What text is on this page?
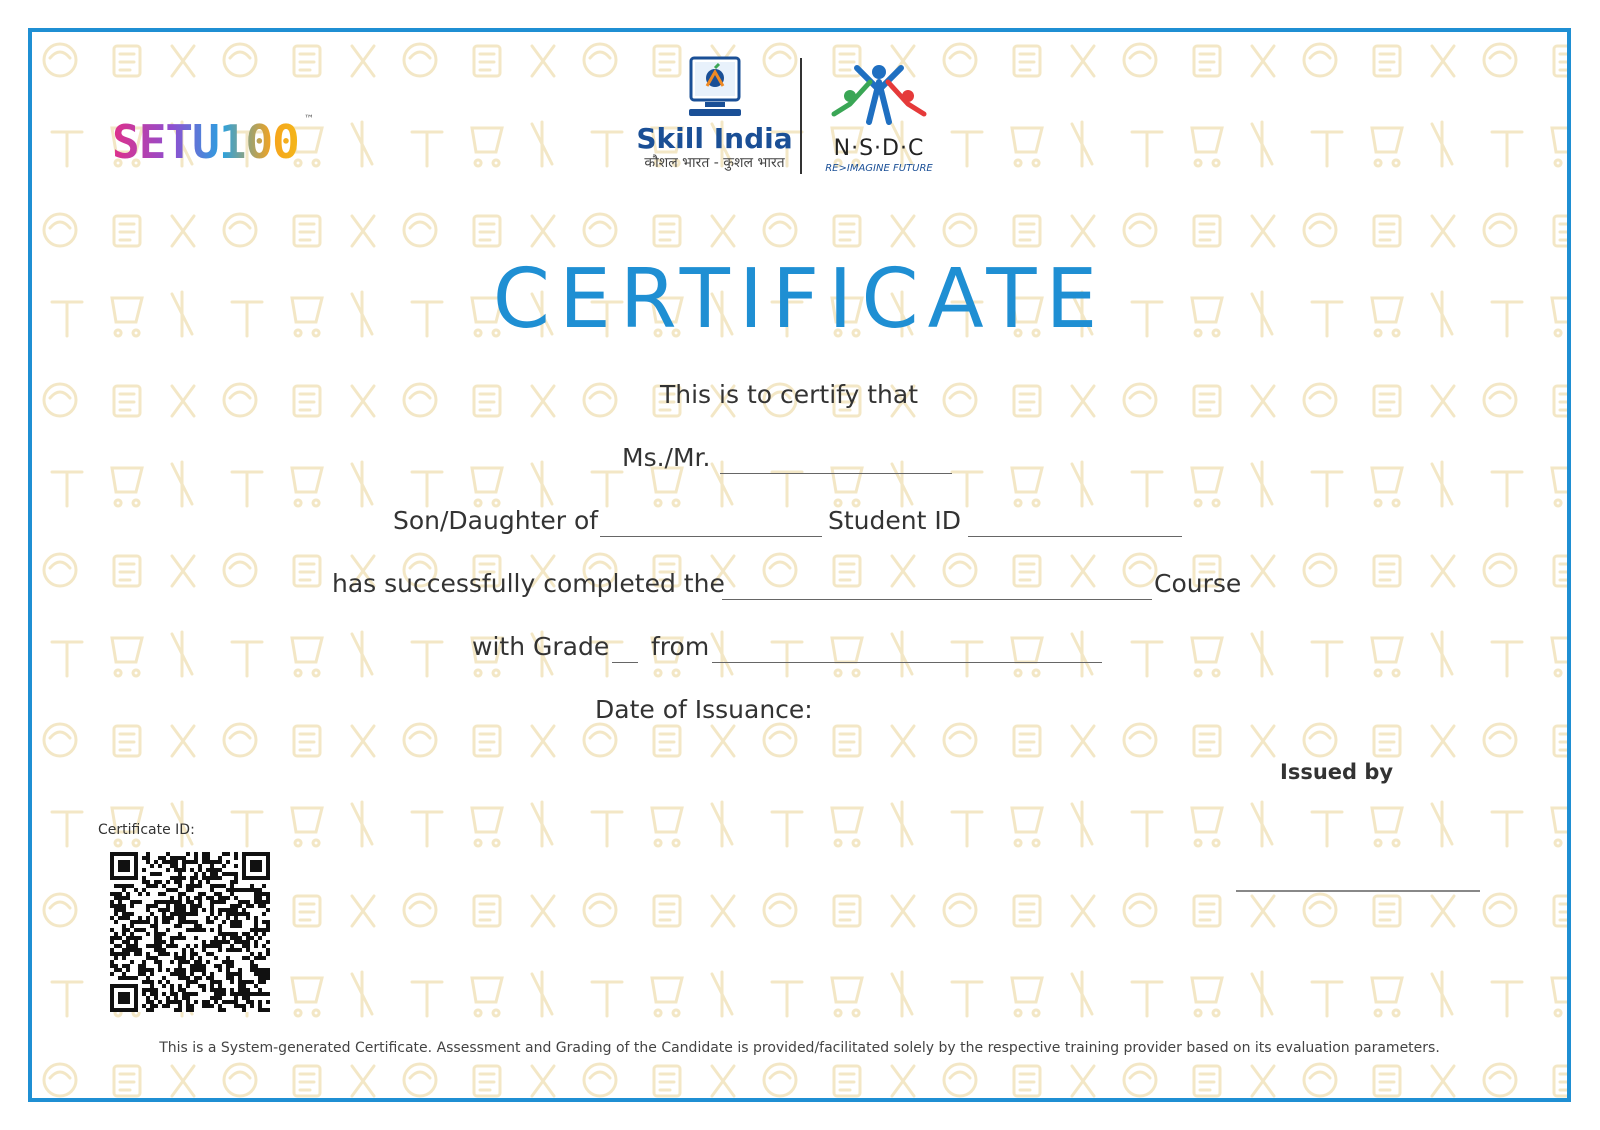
SETU100 ™
Skill India
कौशल भारत - कुशल भारत
N·S·D·C
RE>IMAGINE FUTURE
CERTIFICATE
This is to certify that
Ms./Mr.
Son/Daughter of	Student ID
has successfully completed the	Course
with Grade from
Date of Issuance:
Issued by
Certificate ID:
This is a System-generated Certificate. Assessment and Grading of the Candidate is provided/facilitated solely by the respective training provider based on its evaluation parameters.
